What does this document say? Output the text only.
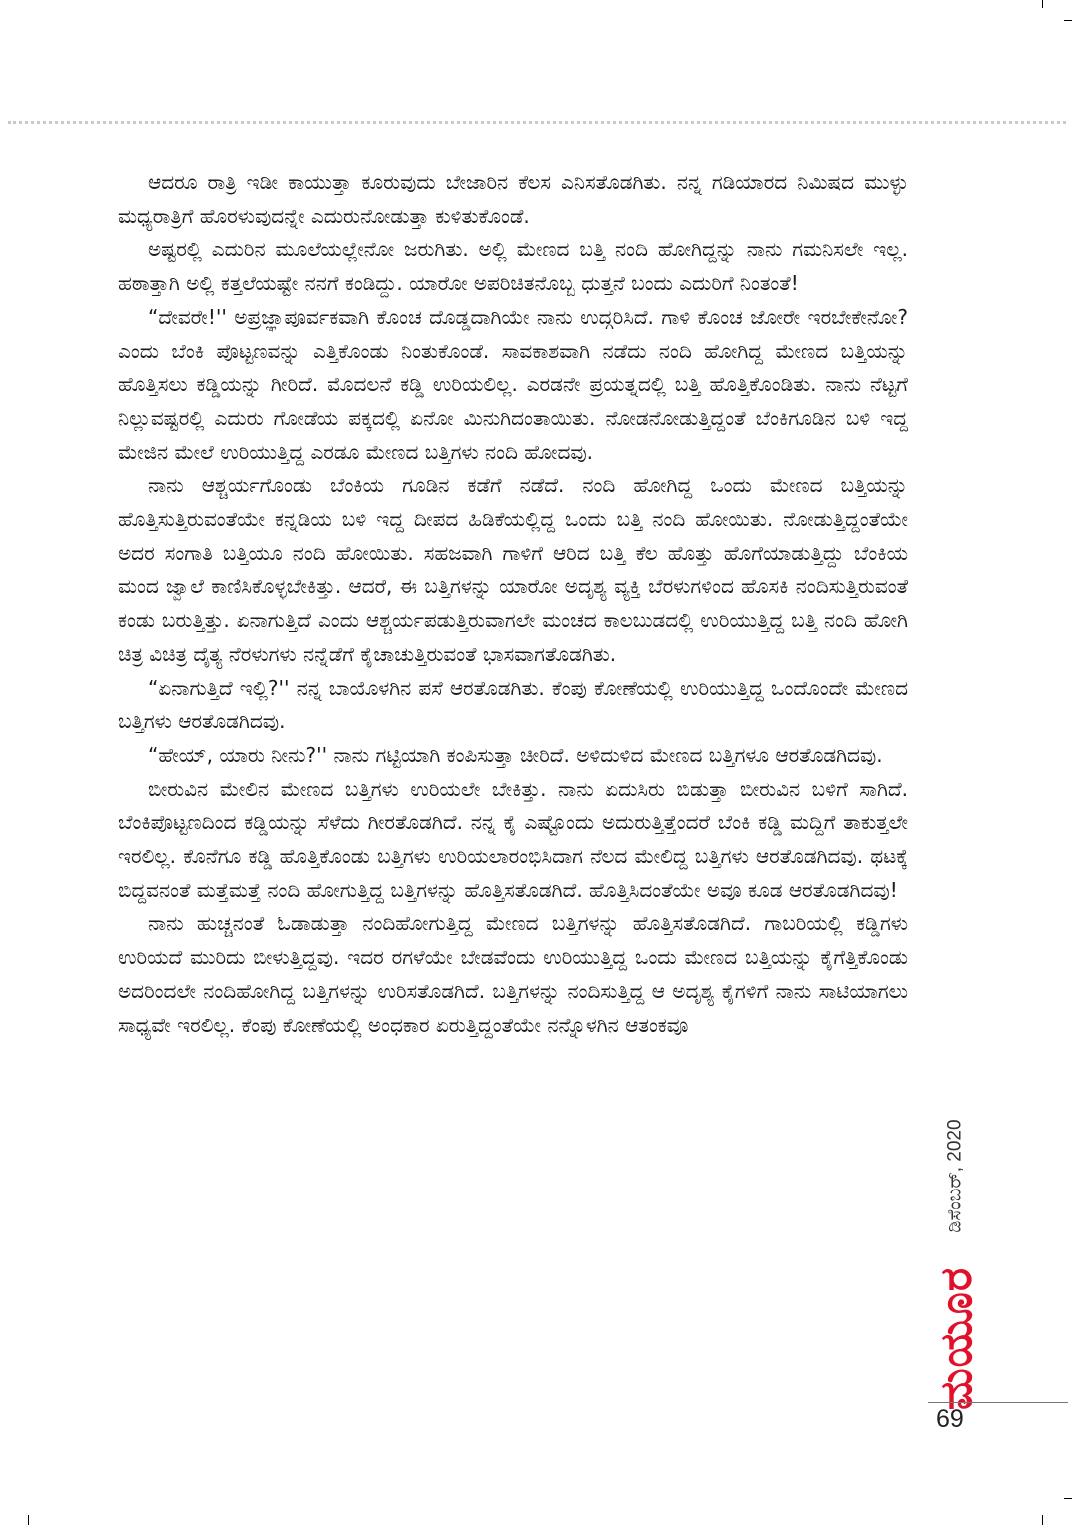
ಆದರೂ ರಾತ್ರಿ ಇಡೀ ಕಾಯುತ್ತಾ ಕೂರುವುದು ಬೇಜಾರಿನ ಕೆಲಸ ಎನಿಸತೊಡಗಿತು. ನನ್ನ ಗಡಿಯಾರದ ನಿಮಿಷದ ಮುಳ್ಳು ಮಧ್ಯರಾತ್ರಿಗೆ ಹೊರಳುವುದನ್ನೇ ಎದುರುನೋಡುತ್ತಾ ಕುಳಿತುಕೊಂಡೆ.

ಅಷ್ಟರಲ್ಲಿ ಎದುರಿನ ಮೂಲೆಯಲ್ಲೇನೋ ಜರುಗಿತು. ಅಲ್ಲಿ ಮೇಣದ ಬತ್ತಿ ನಂದಿ ಹೋಗಿದ್ದನ್ನು ನಾನು ಗಮನಿಸಲೇ ಇಲ್ಲ. ಹಠಾತ್ತಾಗಿ ಅಲ್ಲಿ ಕತ್ತಲೆಯಷ್ಟೇ ನನಗೆ ಕಂಡಿದ್ದು. ಯಾರೋ ಅಪರಿಚಿತನೊಬ್ಬ ಧುತ್ತನೆ ಬಂದು ಎದುರಿಗೆ ನಿಂತಂತೆ!

“ದೇವರೇ!'' ಅಪ್ರಜ್ಞಾಪೂರ್ವಕವಾಗಿ ಕೊಂಚ ದೊಡ್ಡದಾಗಿಯೇ ನಾನು ಉದ್ಗರಿಸಿದೆ. ಗಾಳಿ ಕೊಂಚ ಜೋರೇ ಇರಬೇಕೇನೋ? ಎಂದು ಬೆಂಕಿ ಪೊಟ್ಟಣವನ್ನು ಎತ್ತಿಕೊಂಡು ನಿಂತುಕೊಂಡೆ. ಸಾವಕಾಶವಾಗಿ ನಡೆದು ನಂದಿ ಹೋಗಿದ್ದ ಮೇಣದ ಬತ್ತಿಯನ್ನು ಹೊತ್ತಿಸಲು ಕಡ್ಡಿಯನ್ನು ಗೀರಿದೆ. ಮೊದಲನೆ ಕಡ್ಡಿ ಉರಿಯಲಿಲ್ಲ. ಎರಡನೇ ಪ್ರಯತ್ನದಲ್ಲಿ ಬತ್ತಿ ಹೊತ್ತಿಕೊಂಡಿತು. ನಾನು ನೆಟ್ಟಗೆ ನಿಲ್ಲುವಷ್ಟರಲ್ಲಿ ಎದುರು ಗೋಡೆಯ ಪಕ್ಕದಲ್ಲಿ ಏನೋ ಮಿನುಗಿದಂತಾಯಿತು. ನೋಡನೋಡುತ್ತಿದ್ದಂತೆ ಬೆಂಕಿಗೂಡಿನ ಬಳಿ ಇದ್ದ ಮೇಜಿನ ಮೇಲೆ ಉರಿಯುತ್ತಿದ್ದ ಎರಡೂ ಮೇಣದ ಬತ್ತಿಗಳು ನಂದಿ ಹೋದವು.

ನಾನು ಆಶ್ಚರ್ಯಗೊಂಡು ಬೆಂಕಿಯ ಗೂಡಿನ ಕಡೆಗೆ ನಡೆದೆ. ನಂದಿ ಹೋಗಿದ್ದ ಒಂದು ಮೇಣದ ಬತ್ತಿಯನ್ನು ಹೊತ್ತಿಸುತ್ತಿರುವಂತೆಯೇ ಕನ್ನಡಿಯ ಬಳಿ ಇದ್ದ ದೀಪದ ಹಿಡಿಕೆಯಲ್ಲಿದ್ದ ಒಂದು ಬತ್ತಿ ನಂದಿ ಹೋಯಿತು. ನೋಡುತ್ತಿದ್ದಂತೆಯೇ ಅದರ ಸಂಗಾತಿ ಬತ್ತಿಯೂ ನಂದಿ ಹೋಯಿತು. ಸಹಜವಾಗಿ ಗಾಳಿಗೆ ಆರಿದ ಬತ್ತಿ ಕೆಲ ಹೊತ್ತು ಹೊಗೆಯಾಡುತ್ತಿದ್ದು ಬೆಂಕಿಯ ಮಂದ ಜ್ವಾಲೆ ಕಾಣಿಸಿಕೊಳ್ಳಬೇಕಿತ್ತು. ಆದರೆ, ಈ ಬತ್ತಿಗಳನ್ನು ಯಾರೋ ಅದೃಶ್ಯ ವ್ಯಕ್ತಿ ಬೆರಳುಗಳಿಂದ ಹೊಸಕಿ ನಂದಿಸುತ್ತಿರುವಂತೆ ಕಂಡು ಬರುತ್ತಿತ್ತು. ಏನಾಗುತ್ತಿದೆ ಎಂದು ಆಶ್ಚರ್ಯಪಡುತ್ತಿರುವಾಗಲೇ ಮಂಚದ ಕಾಲಬುಡದಲ್ಲಿ ಉರಿಯುತ್ತಿದ್ದ ಬತ್ತಿ ನಂದಿ ಹೋಗಿ ಚಿತ್ರ ವಿಚಿತ್ರ ದೈತ್ಯ ನೆರಳುಗಳು ನನ್ನೆಡೆಗೆ ಕೈಚಾಚುತ್ತಿರುವಂತೆ ಭಾಸವಾಗತೊಡಗಿತು.

“ಏನಾಗುತ್ತಿದೆ ಇಲ್ಲಿ?'' ನನ್ನ ಬಾಯೊಳಗಿನ ಪಸೆ ಆರತೊಡಗಿತು. ಕೆಂಪು ಕೋಣೆಯಲ್ಲಿ ಉರಿಯುತ್ತಿದ್ದ ಒಂದೊಂದೇ ಮೇಣದ ಬತ್ತಿಗಳು ಆರತೊಡಗಿದವು.

“ಹೇಯ್, ಯಾರು ನೀನು?'' ನಾನು ಗಟ್ಟಿಯಾಗಿ ಕಂಪಿಸುತ್ತಾ ಚೀರಿದೆ. ಅಳಿದುಳಿದ ಮೇಣದ ಬತ್ತಿಗಳೂ ಆರತೊಡಗಿದವು.

ಬೀರುವಿನ ಮೇಲಿನ ಮೇಣದ ಬತ್ತಿಗಳು ಉರಿಯಲೇ ಬೇಕಿತ್ತು. ನಾನು ಏದುಸಿರು ಬಿಡುತ್ತಾ ಬೀರುವಿನ ಬಳಿಗೆ ಸಾಗಿದೆ. ಬೆಂಕಿಪೊಟ್ಟಣದಿಂದ ಕಡ್ಡಿಯನ್ನು ಸೆಳೆದು ಗೀರತೊಡಗಿದೆ. ನನ್ನ ಕೈ ಎಷ್ಟೊಂದು ಅದುರುತ್ತಿತ್ತೆಂದರೆ ಬೆಂಕಿ ಕಡ್ಡಿ ಮದ್ದಿಗೆ ತಾಕುತ್ತಲೇ ಇರಲಿಲ್ಲ. ಕೊನೆಗೂ ಕಡ್ಡಿ ಹೊತ್ತಿಕೊಂಡು ಬತ್ತಿಗಳು ಉರಿಯಲಾರಂಭಿಸಿದಾಗ ನೆಲದ ಮೇಲಿದ್ದ ಬತ್ತಿಗಳು ಆರತೊಡಗಿದವು. ಥಟಕ್ಕೆ ಬಿದ್ದವನಂತೆ ಮತ್ತೆಮತ್ತೆ ನಂದಿ ಹೋಗುತ್ತಿದ್ದ ಬತ್ತಿಗಳನ್ನು ಹೊತ್ತಿಸತೊಡಗಿದೆ. ಹೊತ್ತಿಸಿದಂತೆಯೇ ಅವೂ ಕೂಡ ಆರತೊಡಗಿದವು!

ನಾನು ಹುಚ್ಚನಂತೆ ಓಡಾಡುತ್ತಾ ನಂದಿಹೋಗುತ್ತಿದ್ದ ಮೇಣದ ಬತ್ತಿಗಳನ್ನು ಹೊತ್ತಿಸತೊಡಗಿದೆ. ಗಾಬರಿಯಲ್ಲಿ ಕಡ್ಡಿಗಳು ಉರಿಯದೆ ಮುರಿದು ಬೀಳುತ್ತಿದ್ದವು. ಇದರ ರಗಳೆಯೇ ಬೇಡವೆಂದು ಉರಿಯುತ್ತಿದ್ದ ಒಂದು ಮೇಣದ ಬತ್ತಿಯನ್ನು ಕೈಗೆತ್ತಿಕೊಂಡು ಅದರಿಂದಲೇ ನಂದಿಹೋಗಿದ್ದ ಬತ್ತಿಗಳನ್ನು ಉರಿಸತೊಡಗಿದೆ. ಬತ್ತಿಗಳನ್ನು ನಂದಿಸುತ್ತಿದ್ದ ಆ ಅದೃಶ್ಯ ಕೈಗಳಿಗೆ ನಾನು ಸಾಟಿಯಾಗಲು ಸಾಧ್ಯವೇ ಇರಲಿಲ್ಲ. ಕೆಂಪು ಕೋಣೆಯಲ್ಲಿ ಅಂಧಕಾರ ಏರುತ್ತಿದ್ದಂತೆಯೇ ನನ್ನೊಳಗಿನ ಆತಂಕವೂ

ಡಿಸೆಂಬರ್, 2020
ಮಯೂರ
69
